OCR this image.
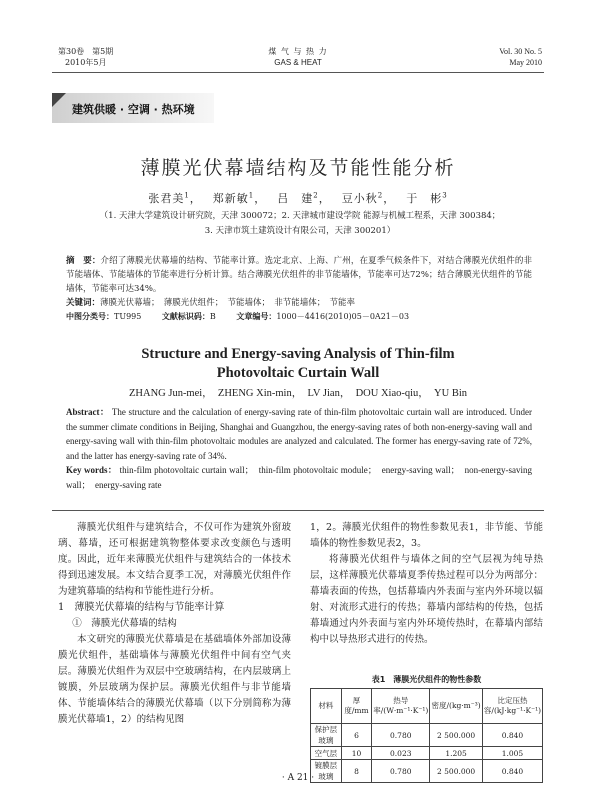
第30卷　第5期
2010年5月
煤 气 与 热 力
GAS & HEAT
Vol. 30 No. 5
May 2010
建筑供暖 · 空调 · 热环境
薄膜光伏幕墙结构及节能性能分析
张君美$^1$，　 郑新敏$^1$，　 吕　建$^2$，　 豆小秋$^2$，　 于　彬$^3$
（1. 天津大学建筑设计研究院，天津 300072；2. 天津城市建设学院 能源与机械工程系，天津 300384；
3. 天津市筑土建筑设计有限公司，天津 300201）
摘　要：介绍了薄膜光伏幕墙的结构、节能率计算。选定北京、上海、广州，在夏季气候条件下，对结合薄膜光伏组件的非节能墙体、节能墙体的节能率进行分析计算。结合薄膜光伏组件的非节能墙体，节能率可达72%；结合薄膜光伏组件的节能墙体，节能率可达34%。
关键词：薄膜光伏幕墙；　薄膜光伏组件；　节能墙体；　非节能墙体；　节能率
中图分类号：TU995	文献标识码：B	文章编号：1000－4416(2010)05－0A21－03
Structure and Energy-saving Analysis of Thin-film
Photovoltaic Curtain Wall
ZHANG Jun-mei，　ZHENG Xin-min，　LV Jian，　DOU Xiao-qiu，　YU Bin
Abstract： The structure and the calculation of energy-saving rate of thin-film photovoltaic curtain wall are introduced. Under the summer climate conditions in Beijing, Shanghai and Guangzhou, the energy-saving rates of both non-energy-saving wall and energy-saving wall with thin-film photovoltaic modules are analyzed and calculated. The former has energy-saving rate of 72%, and the latter has energy-saving rate of 34%.
Key words： thin-film photovoltaic curtain wall；　thin-film photovoltaic module；　energy-saving wall；　non-energy-saving wall；　energy-saving rate

薄膜光伏组件与建筑结合，不仅可作为建筑外窗玻璃、幕墙，还可根据建筑物整体要求改变颜色与透明度。因此，近年来薄膜光伏组件与建筑结合的一体技术得到迅速发展。本文结合夏季工况，对薄膜光伏组件作为建筑幕墙的结构和节能性进行分析。

1　薄膜光伏幕墙的结构与节能率计算

①　薄膜光伏幕墙的结构

本文研究的薄膜光伏幕墙是在基础墙体外部加设薄膜光伏组件，基础墙体与薄膜光伏组件中间有空气夹层。薄膜光伏组件为双层中空玻璃结构，在内层玻璃上镀膜，外层玻璃为保护层。薄膜光伏组件与非节能墙体、节能墙体结合的薄膜光伏幕墙（以下分别简称为薄膜光伏幕墙1，2）的结构见图

1，2。薄膜光伏组件的物性参数见表1，非节能、节能墙体的物性参数见表2，3。

将薄膜光伏组件与墙体之间的空气层视为纯导热层，这样薄膜光伏幕墙夏季传热过程可以分为两部分：幕墙表面的传热，包括幕墙内外表面与室内外环境以辐射、对流形式进行的传热；幕墙内部结构的传热，包括幕墙通过内外表面与室内外环境传热时，在幕墙内部结构中以导热形式进行的传热。

表1　薄膜光伏组件的物性参数
材料	厚度/mm	热导率/(W·m⁻¹·K⁻¹)	密度/(kg·m⁻³)	比定压热容/(kJ·kg⁻¹·K⁻¹)
保护层玻璃	6	0.780	2 500.000	0.840
空气层	10	0.023	1.205	1.005
镀膜层玻璃	8	0.780	2 500.000	0.840
· A 21 ·
